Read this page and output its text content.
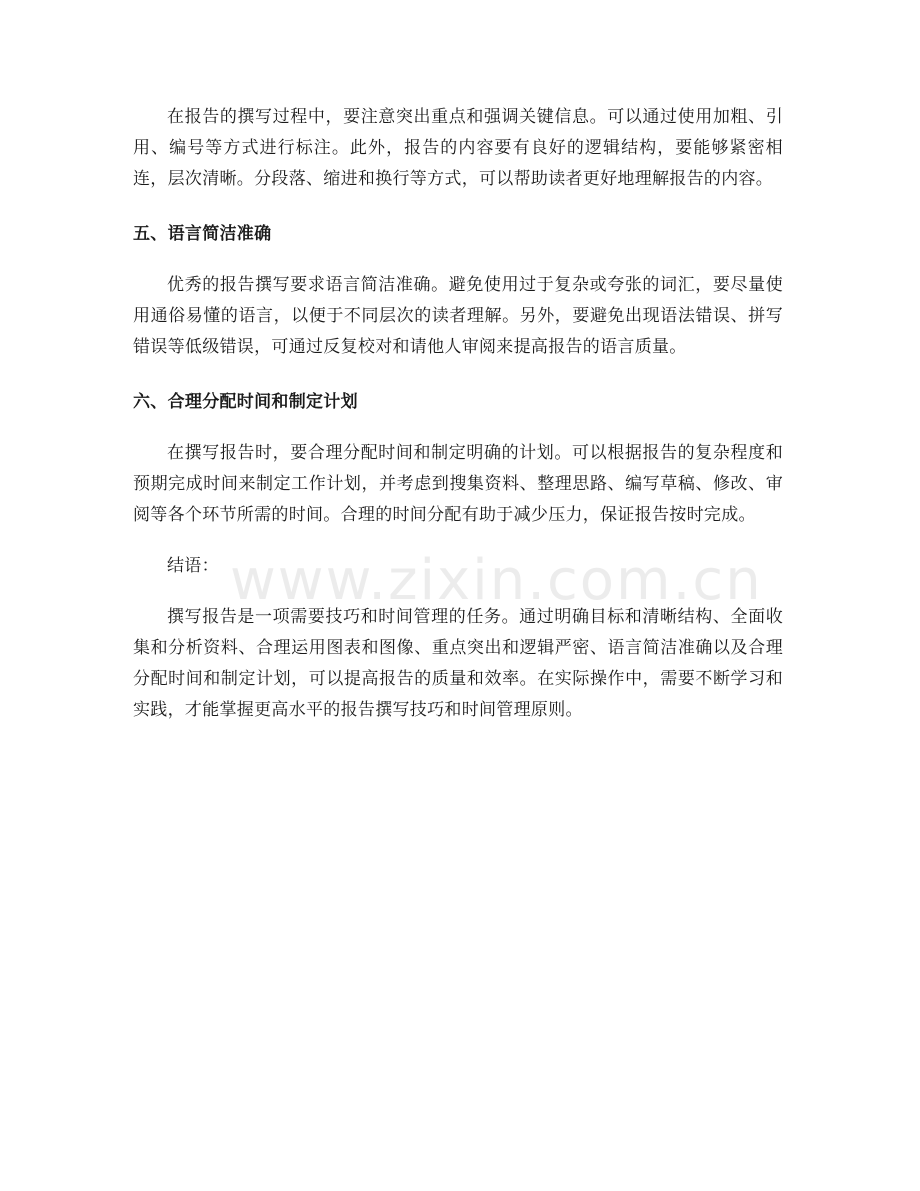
在报告的撰写过程中，要注意突出重点和强调关键信息。可以通过使用加粗、引用、编号等方式进行标注。此外，报告的内容要有良好的逻辑结构，要能够紧密相连，层次清晰。分段落、缩进和换行等方式，可以帮助读者更好地理解报告的内容。

五、语言简洁准确

优秀的报告撰写要求语言简洁准确。避免使用过于复杂或夸张的词汇，要尽量使用通俗易懂的语言，以便于不同层次的读者理解。另外，要避免出现语法错误、拼写错误等低级错误，可通过反复校对和请他人审阅来提高报告的语言质量。

六、合理分配时间和制定计划

在撰写报告时，要合理分配时间和制定明确的计划。可以根据报告的复杂程度和预期完成时间来制定工作计划，并考虑到搜集资料、整理思路、编写草稿、修改、审阅等各个环节所需的时间。合理的时间分配有助于减少压力，保证报告按时完成。

结语：

撰写报告是一项需要技巧和时间管理的任务。通过明确目标和清晰结构、全面收集和分析资料、合理运用图表和图像、重点突出和逻辑严密、语言简洁准确以及合理分配时间和制定计划，可以提高报告的质量和效率。在实际操作中，需要不断学习和实践，才能掌握更高水平的报告撰写技巧和时间管理原则。

www.zixin.com.cn
